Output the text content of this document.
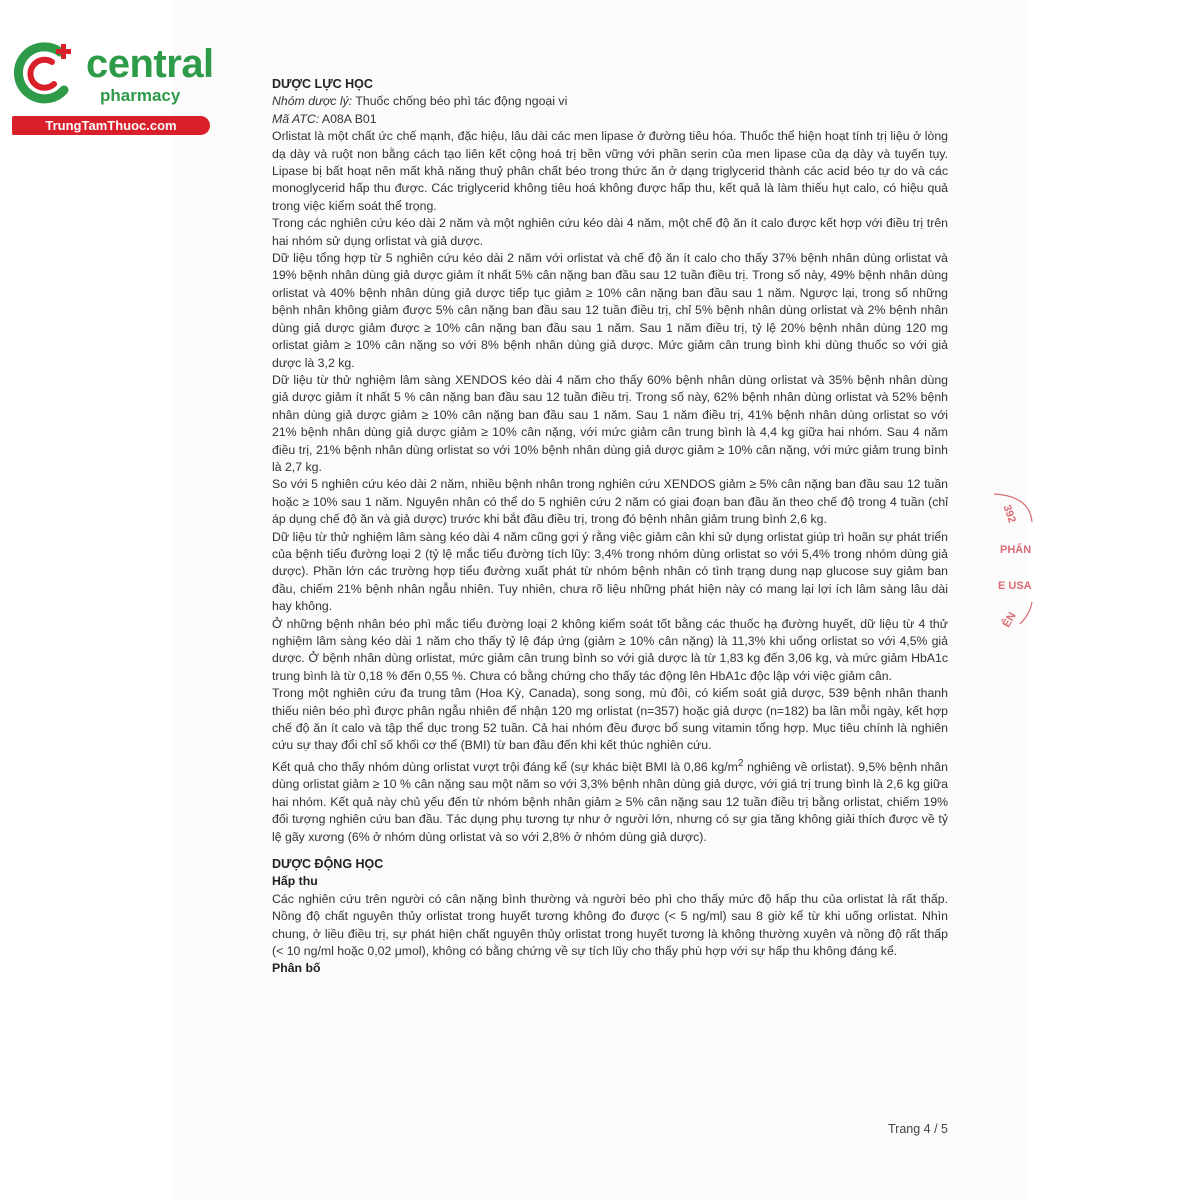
central
pharmacy
TrungTamThuoc.com
DƯỢC LỰC HỌC

Nhóm dược lý: Thuốc chống béo phì tác động ngoại vi

Mã ATC: A08A B01

Orlistat là một chất ức chế mạnh, đặc hiệu, lâu dài các men lipase ở đường tiêu hóa. Thuốc thể hiện hoạt tính trị liệu ở lòng dạ dày và ruột non bằng cách tạo liên kết cộng hoá trị bền vững với phần serin của men lipase của dạ dày và tuyến tụy. Lipase bị bất hoạt nên mất khả năng thuỷ phân chất béo trong thức ăn ở dạng triglycerid thành các acid béo tự do và các monoglycerid hấp thu được. Các triglycerid không tiêu hoá không được hấp thu, kết quả là làm thiếu hụt calo, có hiệu quả trong việc kiểm soát thể trọng.

Trong các nghiên cứu kéo dài 2 năm và một nghiên cứu kéo dài 4 năm, một chế độ ăn ít calo được kết hợp với điều trị trên hai nhóm sử dụng orlistat và giả dược.

Dữ liệu tổng hợp từ 5 nghiên cứu kéo dài 2 năm với orlistat và chế độ ăn ít calo cho thấy 37% bệnh nhân dùng orlistat và 19% bệnh nhân dùng giả dược giảm ít nhất 5% cân nặng ban đầu sau 12 tuần điều trị. Trong số này, 49% bệnh nhân dùng orlistat và 40% bệnh nhân dùng giả dược tiếp tục giảm ≥ 10% cân nặng ban đầu sau 1 năm. Ngược lại, trong số những bệnh nhân không giảm được 5% cân nặng ban đầu sau 12 tuần điều trị, chỉ 5% bệnh nhân dùng orlistat và 2% bệnh nhân dùng giả dược giảm được ≥ 10% cân nặng ban đầu sau 1 năm. Sau 1 năm điều trị, tỷ lệ 20% bệnh nhân dùng 120 mg orlistat giảm ≥ 10% cân nặng so với 8% bệnh nhân dùng giả dược. Mức giảm cân trung bình khi dùng thuốc so với giả dược là 3,2 kg.

Dữ liệu từ thử nghiệm lâm sàng XENDOS kéo dài 4 năm cho thấy 60% bệnh nhân dùng orlistat và 35% bệnh nhân dùng giả dược giảm ít nhất 5 % cân nặng ban đầu sau 12 tuần điều trị. Trong số này, 62% bệnh nhân dùng orlistat và 52% bệnh nhân dùng giả dược giảm ≥ 10% cân nặng ban đầu sau 1 năm. Sau 1 năm điều trị, 41% bệnh nhân dùng orlistat so với 21% bệnh nhân dùng giả dược giảm ≥ 10% cân nặng, với mức giảm cân trung bình là 4,4 kg giữa hai nhóm. Sau 4 năm điều trị, 21% bệnh nhân dùng orlistat so với 10% bệnh nhân dùng giả dược giảm ≥ 10% cân nặng, với mức giảm trung bình là 2,7 kg.

So với 5 nghiên cứu kéo dài 2 năm, nhiều bệnh nhân trong nghiên cứu XENDOS giảm ≥ 5% cân nặng ban đầu sau 12 tuần hoặc ≥ 10% sau 1 năm. Nguyên nhân có thể do 5 nghiên cứu 2 năm có giai đoạn ban đầu ăn theo chế độ trong 4 tuần (chỉ áp dụng chế độ ăn và giả dược) trước khi bắt đầu điều trị, trong đó bệnh nhân giảm trung bình 2,6 kg.

Dữ liệu từ thử nghiệm lâm sàng kéo dài 4 năm cũng gợi ý rằng việc giảm cân khi sử dụng orlistat giúp trì hoãn sự phát triển của bệnh tiểu đường loại 2 (tỷ lệ mắc tiểu đường tích lũy: 3,4% trong nhóm dùng orlistat so với 5,4% trong nhóm dùng giả dược). Phần lớn các trường hợp tiểu đường xuất phát từ nhóm bệnh nhân có tình trạng dung nạp glucose suy giảm ban đầu, chiếm 21% bệnh nhân ngẫu nhiên. Tuy nhiên, chưa rõ liệu những phát hiện này có mang lại lợi ích lâm sàng lâu dài hay không.

Ở những bệnh nhân béo phì mắc tiểu đường loại 2 không kiểm soát tốt bằng các thuốc hạ đường huyết, dữ liệu từ 4 thử nghiệm lâm sàng kéo dài 1 năm cho thấy tỷ lệ đáp ứng (giảm ≥ 10% cân nặng) là 11,3% khi uống orlistat so với 4,5% giả dược. Ở bệnh nhân dùng orlistat, mức giảm cân trung bình so với giả dược là từ 1,83 kg đến 3,06 kg, và mức giảm HbA1c trung bình là từ 0,18 % đến 0,55 %. Chưa có bằng chứng cho thấy tác động lên HbA1c độc lập với việc giảm cân.

Trong một nghiên cứu đa trung tâm (Hoa Kỳ, Canada), song song, mù đôi, có kiểm soát giả dược, 539 bệnh nhân thanh thiếu niên béo phì được phân ngẫu nhiên để nhận 120 mg orlistat (n=357) hoặc giả dược (n=182) ba lần mỗi ngày, kết hợp chế độ ăn ít calo và tập thể dục trong 52 tuần. Cả hai nhóm đều được bổ sung vitamin tổng hợp. Mục tiêu chính là nghiên cứu sự thay đổi chỉ số khối cơ thể (BMI) từ ban đầu đến khi kết thúc nghiên cứu.

Kết quả cho thấy nhóm dùng orlistat vượt trội đáng kể (sự khác biệt BMI là 0,86 $kg/m^2$ nghiêng về orlistat). 9,5% bệnh nhân dùng orlistat giảm ≥ 10 % cân nặng sau một năm so với 3,3% bệnh nhân dùng giả dược, với giá trị trung bình là 2,6 kg giữa hai nhóm. Kết quả này chủ yếu đến từ nhóm bệnh nhân giảm ≥ 5% cân nặng sau 12 tuần điều trị bằng orlistat, chiếm 19% đối tượng nghiên cứu ban đầu. Tác dụng phụ tương tự như ở người lớn, nhưng có sự gia tăng không giải thích được về tỷ lệ gãy xương (6% ở nhóm dùng orlistat và so với 2,8% ở nhóm dùng giả dược).

DƯỢC ĐỘNG HỌC
Hấp thu

Các nghiên cứu trên người có cân nặng bình thường và người béo phì cho thấy mức độ hấp thu của orlistat là rất thấp. Nồng độ chất nguyên thủy orlistat trong huyết tương không đo được (< 5 ng/ml) sau 8 giờ kể từ khi uống orlistat. Nhìn chung, ở liều điều trị, sự phát hiện chất nguyên thủy orlistat trong huyết tương là không thường xuyên và nồng độ rất thấp (< 10 ng/ml hoặc 0,02 μmol), không có bằng chứng về sự tích lũy cho thấy phù hợp với sự hấp thu không đáng kể.

Phân bố
392
PHẨN
E USA
ÊN
Trang 4 / 5
